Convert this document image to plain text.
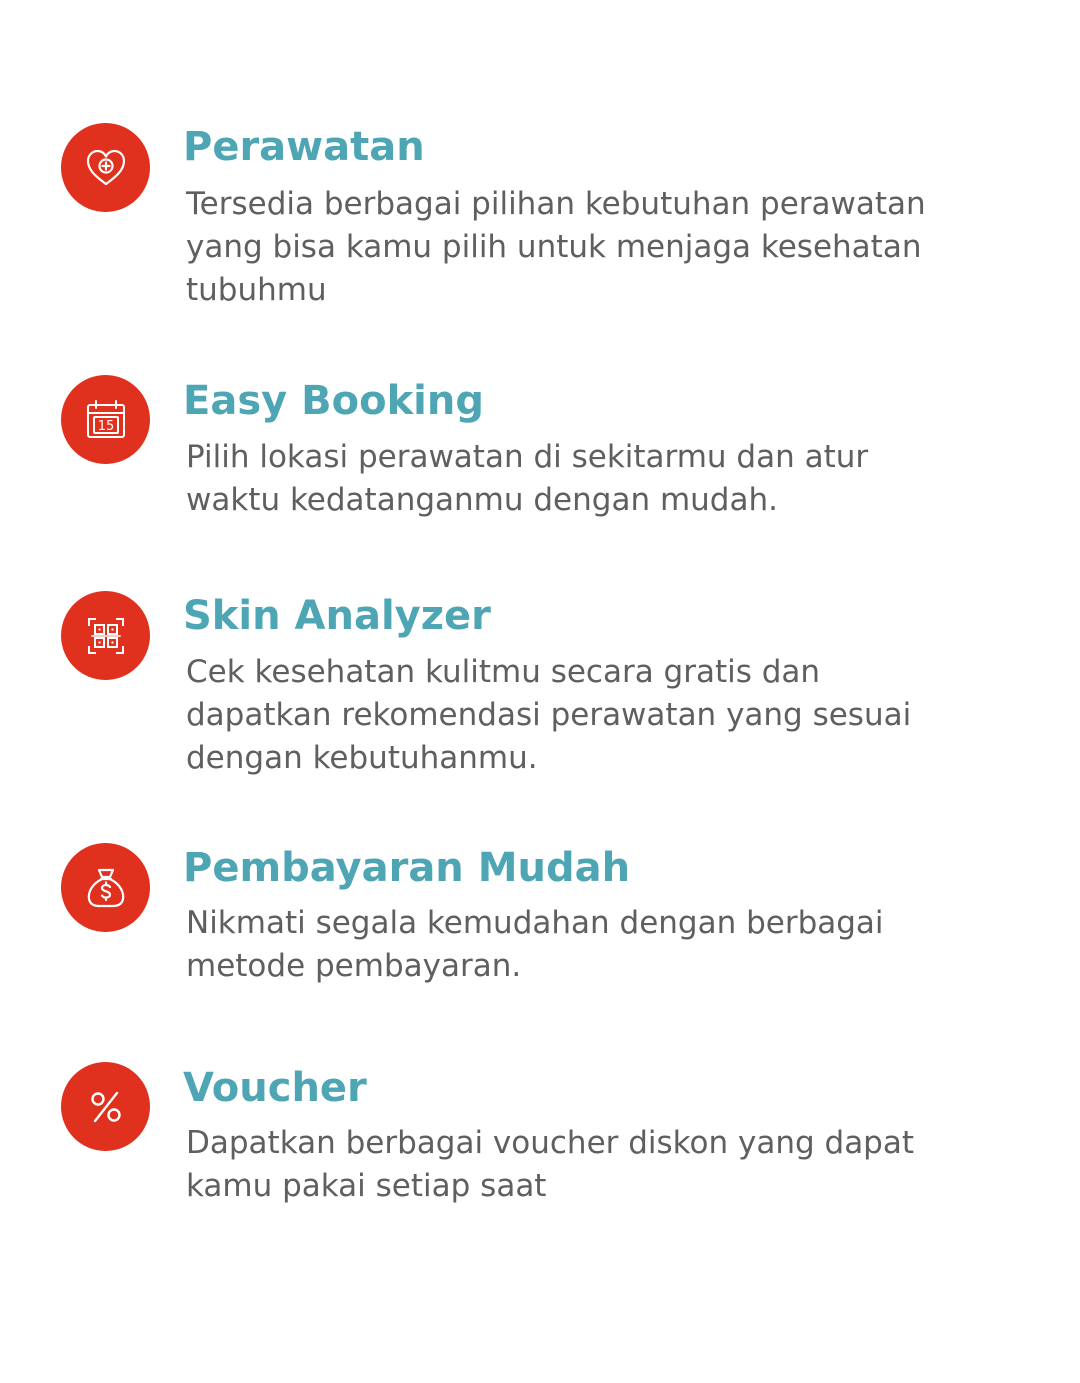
Perawatan

Tersedia berbagai pilihan kebutuhan perawatan
yang bisa kamu pilih untuk menjaga kesehatan
tubuhmu

15
Easy Booking

Pilih lokasi perawatan di sekitarmu dan atur
waktu kedatanganmu dengan mudah.

Skin Analyzer

Cek kesehatan kulitmu secara gratis dan
dapatkan rekomendasi perawatan yang sesuai
dengan kebutuhanmu.

Pembayaran Mudah

Nikmati segala kemudahan dengan berbagai
metode pembayaran.

Voucher

Dapatkan berbagai voucher diskon yang dapat
kamu pakai setiap saat
